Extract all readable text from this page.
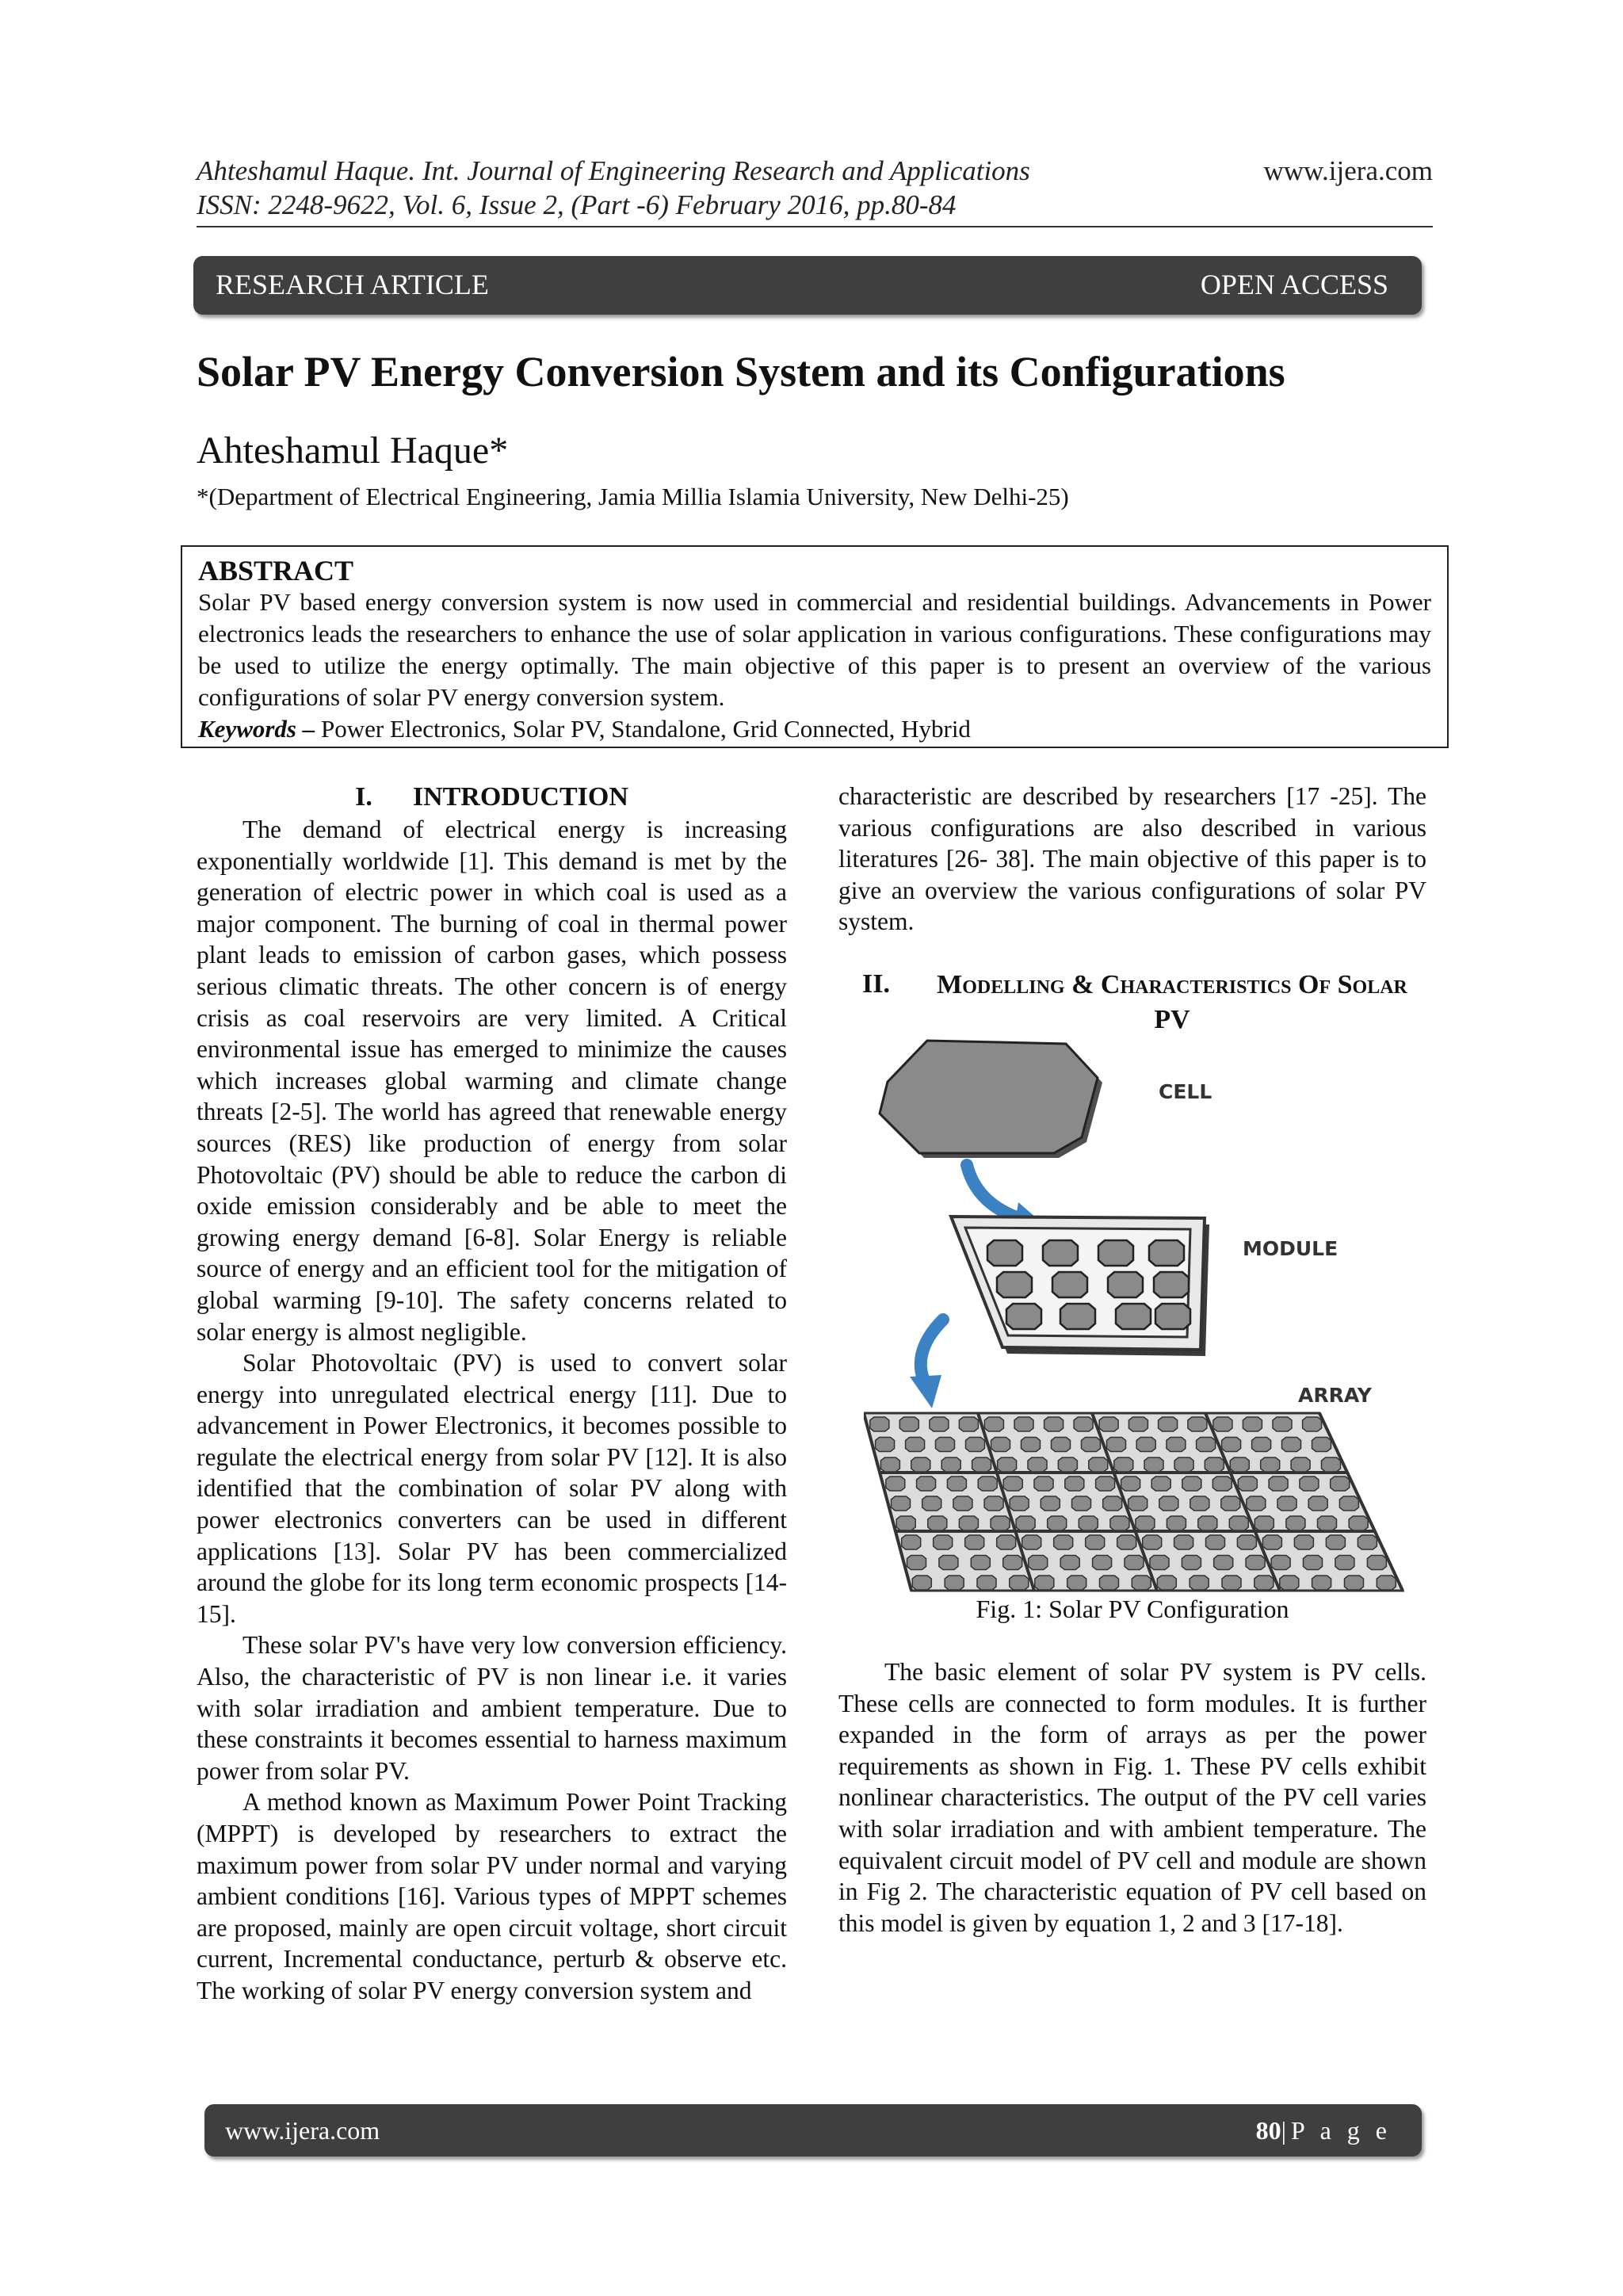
Ahteshamul Haque. Int. Journal of Engineering Research and Applications
ISSN: 2248-9622, Vol. 6, Issue 2, (Part -6) February 2016, pp.80-84
www.ijera.com
RESEARCH ARTICLE	OPEN ACCESS
Solar PV Energy Conversion System and its Configurations
Ahteshamul Haque*
*(Department of Electrical Engineering, Jamia Millia Islamia University, New Delhi-25)
ABSTRACT
Solar PV based energy conversion system is now used in commercial and residential buildings. Advancements in Power electronics leads the researchers to enhance the use of solar application in various configurations. These configurations may be used to utilize the energy optimally. The main objective of this paper is to present an overview of the various configurations of solar PV energy conversion system.
Keywords – Power Electronics, Solar PV, Standalone, Grid Connected, Hybrid
I. INTRODUCTION

The demand of electrical energy is increasing exponentially worldwide [1]. This demand is met by the generation of electric power in which coal is used as a major component. The burning of coal in thermal power plant leads to emission of carbon gases, which possess serious climatic threats. The other concern is of energy crisis as coal reservoirs are very limited. A Critical environmental issue has emerged to minimize the causes which increases global warming and climate change threats [2-5]. The world has agreed that renewable energy sources (RES) like production of energy from solar Photovoltaic (PV) should be able to reduce the carbon di oxide emission considerably and be able to meet the growing energy demand [6-8]. Solar Energy is reliable source of energy and an efficient tool for the mitigation of global warming [9-10]. The safety concerns related to solar energy is almost negligible.

Solar Photovoltaic (PV) is used to convert solar energy into unregulated electrical energy [11]. Due to advancement in Power Electronics, it becomes possible to regulate the electrical energy from solar PV [12]. It is also identified that the combination of solar PV along with power electronics converters can be used in different applications [13]. Solar PV has been commercialized around the globe for its long term economic prospects [14-15].

These solar PV's have very low conversion efficiency. Also, the characteristic of PV is non linear i.e. it varies with solar irradiation and ambient temperature. Due to these constraints it becomes essential to harness maximum power from solar PV.

A method known as Maximum Power Point Tracking (MPPT) is developed by researchers to extract the maximum power from solar PV under normal and varying ambient conditions [16]. Various types of MPPT schemes are proposed, mainly are open circuit voltage, short circuit current, Incremental conductance, perturb & observe etc. The working of solar PV energy conversion system and

characteristic are described by researchers [17 -25]. The various configurations are also described in various literatures [26- 38]. The main objective of this paper is to give an overview the various configurations of solar PV system.

II.	Modelling & Characteristics Of Solar PV
CELL
MODULE
ARRAY
Fig. 1: Solar PV Configuration

The basic element of solar PV system is PV cells. These cells are connected to form modules. It is further expanded in the form of arrays as per the power requirements as shown in Fig. 1. These PV cells exhibit nonlinear characteristics. The output of the PV cell varies with solar irradiation and with ambient temperature. The equivalent circuit model of PV cell and module are shown in Fig 2. The characteristic equation of PV cell based on this model is given by equation 1, 2 and 3 [17-18].

www.ijera.com	80|P a g e
